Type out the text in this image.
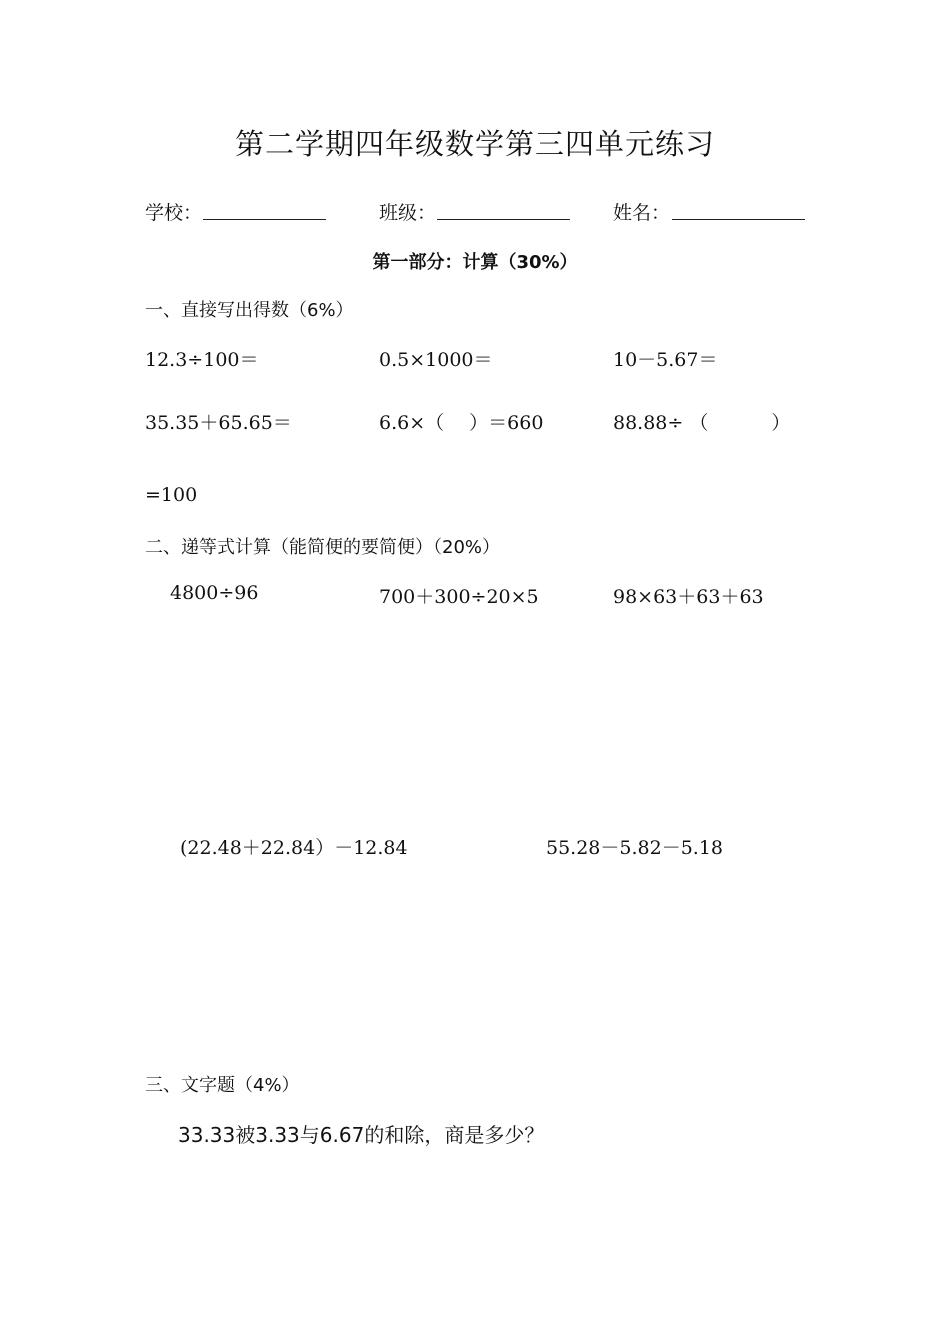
第二学期四年级数学第三四单元练习
学校：	班级：	姓名：
第一部分：计算（30%）
一、直接写出得数（6%）
12.3÷100＝	0.5×1000＝	10－5.67＝
35.35＋65.65＝	6.6×（　 ）＝660	88.88÷ （　　　 ）
=100
二、递等式计算（能简便的要简便）（20%）
4800÷96	700＋300÷20×5	98×63＋63＋63
(22.48＋22.84）－12.84	55.28－5.82－5.18
三、文字题（4%）
33.33被3.33与6.67的和除，商是多少？
